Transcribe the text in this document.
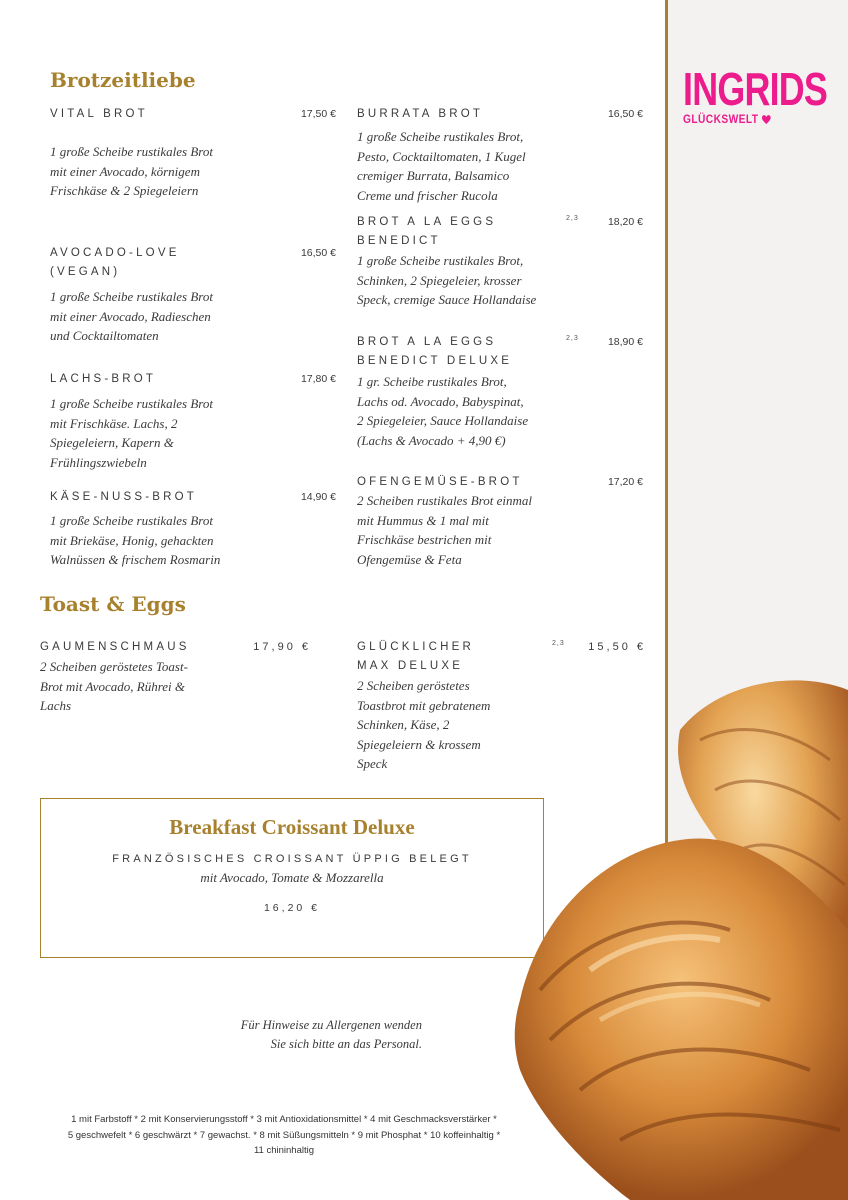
INGRIDS
GLÜCKSWELT
Brotzeitliebe
VITAL BROT	17,50 €
1 große Scheibe rustikales Brot
mit einer Avocado, körnigem
Frischkäse & 2 Spiegeleiern
AVOCADO-LOVE
(VEGAN)
16,50 €
1 große Scheibe rustikales Brot
mit einer Avocado, Radieschen
und Cocktailtomaten
LACHS-BROT	17,80 €
1 große Scheibe rustikales Brot
mit Frischkäse. Lachs, 2
Spiegeleiern, Kapern &
Frühlingszwiebeln
KÄSE-NUSS-BROT	14,90 €
1 große Scheibe rustikales Brot
mit Briekäse, Honig, gehackten
Walnüssen & frischem Rosmarin
BURRATA BROT	16,50 €
1 große Scheibe rustikales Brot,
Pesto, Cocktailtomaten, 1 Kugel
cremiger Burrata, Balsamico
Creme und frischer Rucola
BROT A LA EGGS
BENEDICT
2,3	18,20 €
1 große Scheibe rustikales Brot,
Schinken, 2 Spiegeleier, krosser
Speck, cremige Sauce Hollandaise
BROT A LA EGGS
BENEDICT DELUXE
2,3	18,90 €
1 gr. Scheibe rustikales Brot,
Lachs od. Avocado, Babyspinat,
2 Spiegeleier, Sauce Hollandaise
(Lachs & Avocado + 4,90 €)
OFENGEMÜSE-BROT	17,20 €
2 Scheiben rustikales Brot einmal
mit Hummus & 1 mal mit
Frischkäse bestrichen mit
Ofengemüse & Feta
Toast & Eggs
GAUMENSCHMAUS	17,90 €
2 Scheiben geröstetes Toast-
Brot mit Avocado, Rührei &
Lachs
GLÜCKLICHER
MAX DELUXE
2,3	15,50 €
2 Scheiben geröstetes
Toastbrot mit gebratenem
Schinken, Käse, 2
Spiegeleiern & krossem
Speck
Breakfast Croissant Deluxe
FRANZÖSISCHES CROISSANT ÜPPIG BELEGT
mit Avocado, Tomate & Mozzarella
16,20 €
Für Hinweise zu Allergenen wenden
Sie sich bitte an das Personal.
1 mit Farbstoff * 2 mit Konservierungsstoff * 3 mit Antioxidationsmittel * 4 mit Geschmacksverstärker *
5 geschwefelt * 6 geschwärzt * 7 gewachst. * 8 mit Süßungsmitteln * 9 mit Phosphat * 10 koffeinhaltig *
11 chininhaltig
